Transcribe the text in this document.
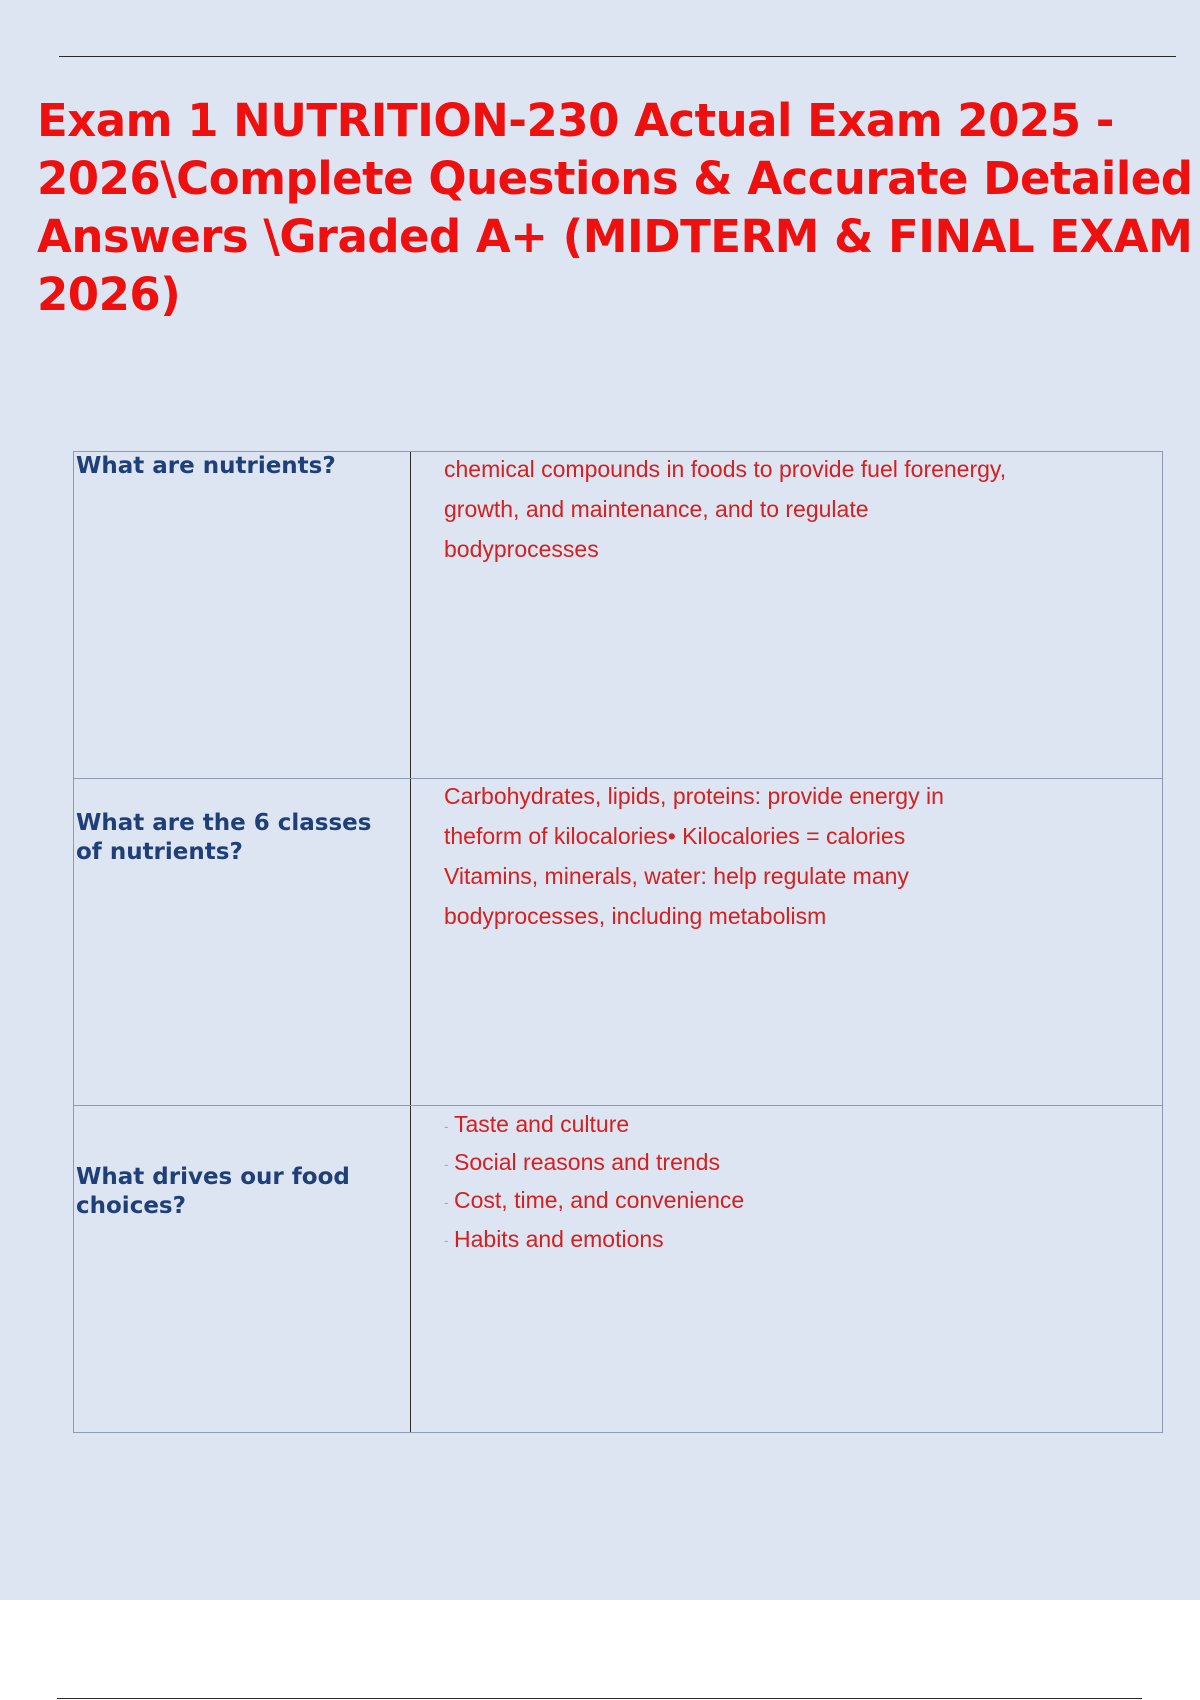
Exam 1 NUTRITION-230 Actual Exam 2025 -
2026\Complete Questions & Accurate Detailed
Answers \Graded A+ (MIDTERM & FINAL EXAM 2026)
What are nutrients?	chemical compounds in foods to provide fuel forenergy,
growth, and maintenance, and to regulate
bodyprocesses
What are the 6 classes of nutrients?
Carbohydrates, lipids, proteins: provide energy in
theform of kilocalories• Kilocalories = calories
Vitamins, minerals, water: help regulate many
bodyprocesses, including metabolism
What drives our food choices?
- Taste and culture
- Social reasons and trends
- Cost, time, and convenience
- Habits and emotions
